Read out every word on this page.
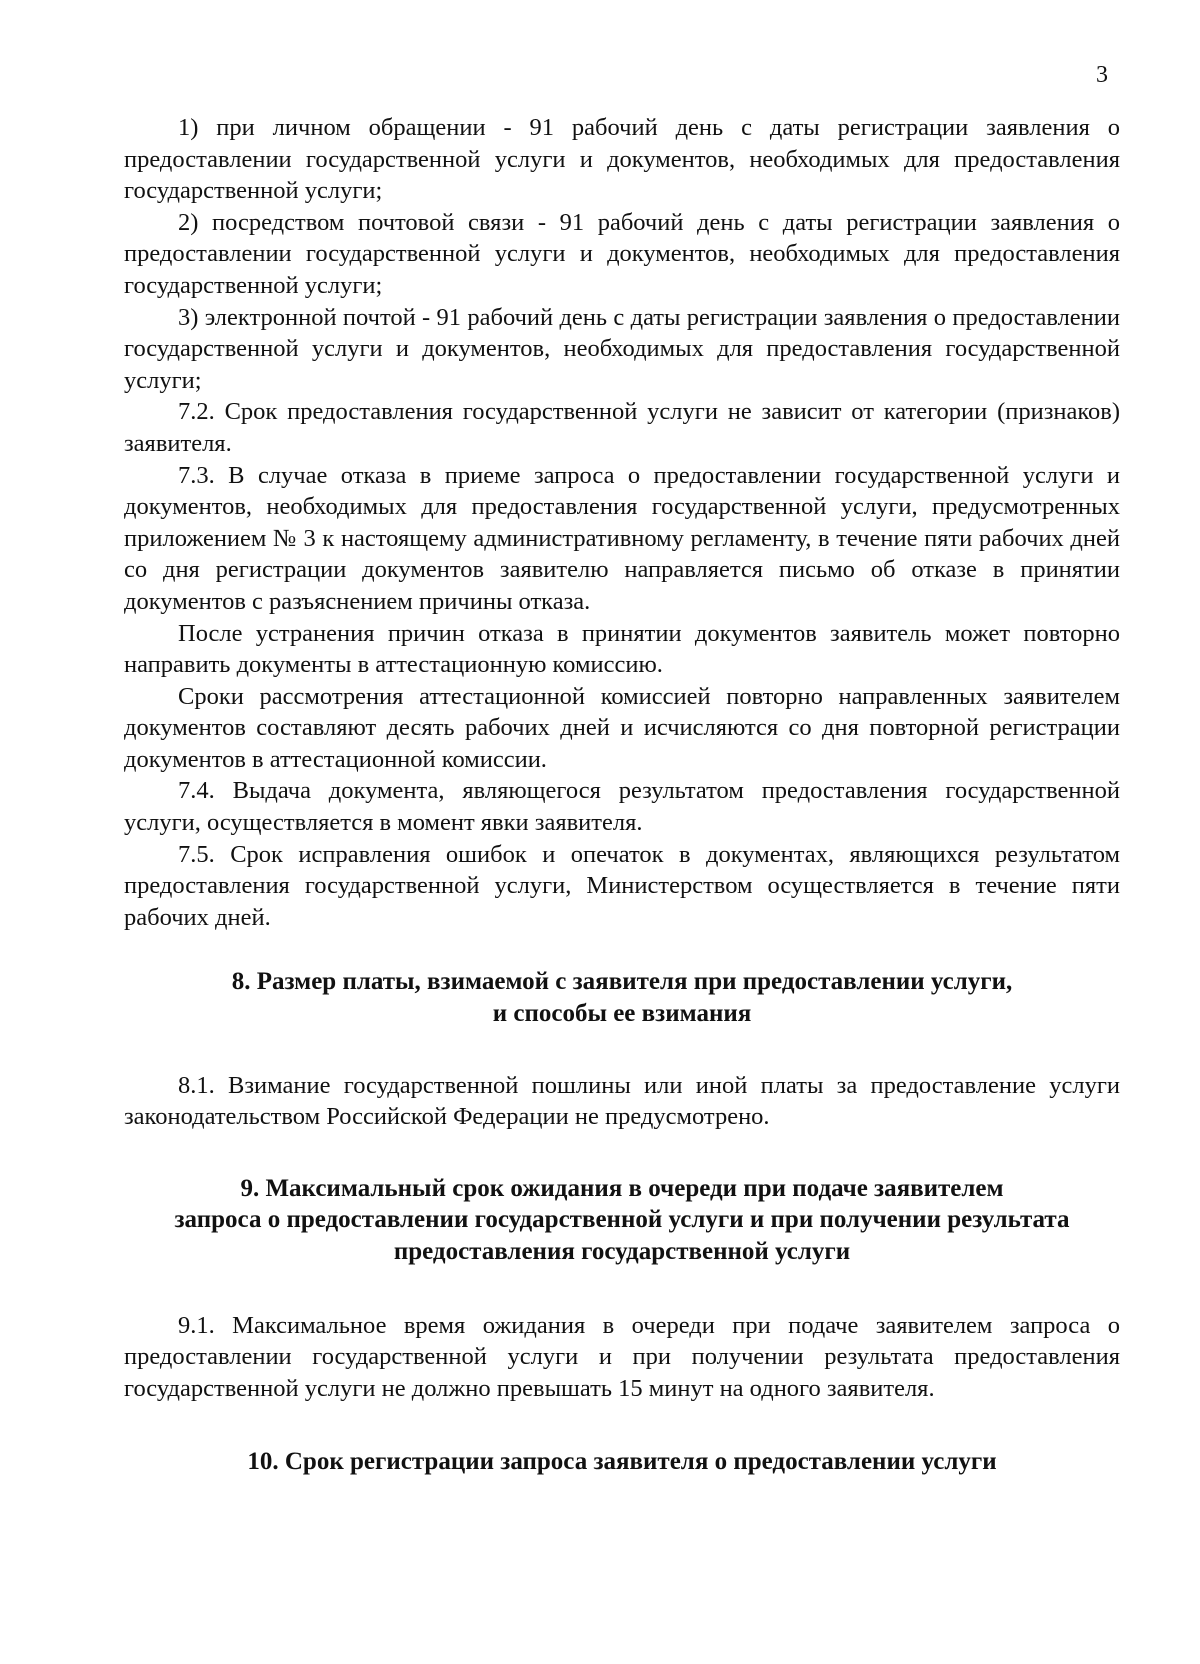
3

1) при личном обращении - 91 рабочий день с даты регистрации заявления о предоставлении государственной услуги и документов, необходимых для предоставления государственной услуги;

2) посредством почтовой связи - 91 рабочий день с даты регистрации заявления о предоставлении государственной услуги и документов, необходимых для предоставления государственной услуги;

3) электронной почтой - 91 рабочий день с даты регистрации заявления о предоставлении государственной услуги и документов, необходимых для предоставления государственной услуги;

7.2. Срок предоставления государственной услуги не зависит от категории (признаков) заявителя.

7.3. В случае отказа в приеме запроса о предоставлении государственной услуги и документов, необходимых для предоставления государственной услуги, предусмотренных приложением № 3 к настоящему административному регламенту, в течение пяти рабочих дней со дня регистрации документов заявителю направляется письмо об отказе в принятии документов с разъяснением причины отказа.

После устранения причин отказа в принятии документов заявитель может повторно направить документы в аттестационную комиссию.

Сроки рассмотрения аттестационной комиссией повторно направленных заявителем документов составляют десять рабочих дней и исчисляются со дня повторной регистрации документов в аттестационной комиссии.

7.4. Выдача документа, являющегося результатом предоставления государственной услуги, осуществляется в момент явки заявителя.

7.5. Срок исправления ошибок и опечаток в документах, являющихся результатом предоставления государственной услуги, Министерством осуществляется в течение пяти рабочих дней.

8. Размер платы, взимаемой с заявителя при предоставлении услуги,
и способы ее взимания

8.1. Взимание государственной пошлины или иной платы за предоставление услуги законодательством Российской Федерации не предусмотрено.

9. Максимальный срок ожидания в очереди при подаче заявителем
запроса о предоставлении государственной услуги и при получении результата
предоставления государственной услуги

9.1. Максимальное время ожидания в очереди при подаче заявителем запроса о предоставлении государственной услуги и при получении результата предоставления государственной услуги не должно превышать 15 минут на одного заявителя.

10. Срок регистрации запроса заявителя о предоставлении услуги
